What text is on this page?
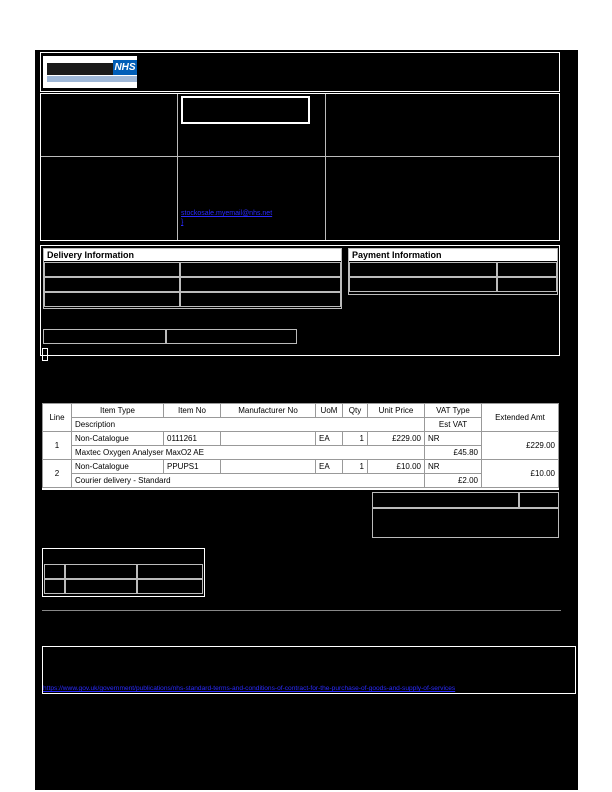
NHS
stockosale.myemail@nhs.net
}
Delivery Information	Payment Information
Line	Item Type	Item No	Manufacturer No	UoM	Qty	Unit Price	VAT Type	Extended Amt
	Description						Est VAT	
1	Non-Catalogue	0111261		EA	1	£229.00	NR	£229.00
	Maxtec Oxygen Analyser MaxO2 AE						£45.80	
2	Non-Catalogue	PPUPS1		EA	1	£10.00	NR	£10.00
	Courier delivery - Standard						£2.00	
https://www.gov.uk/government/publications/nhs-standard-terms-and-conditions-of-contract-for-the-purchase-of-goods-and-supply-of-services
